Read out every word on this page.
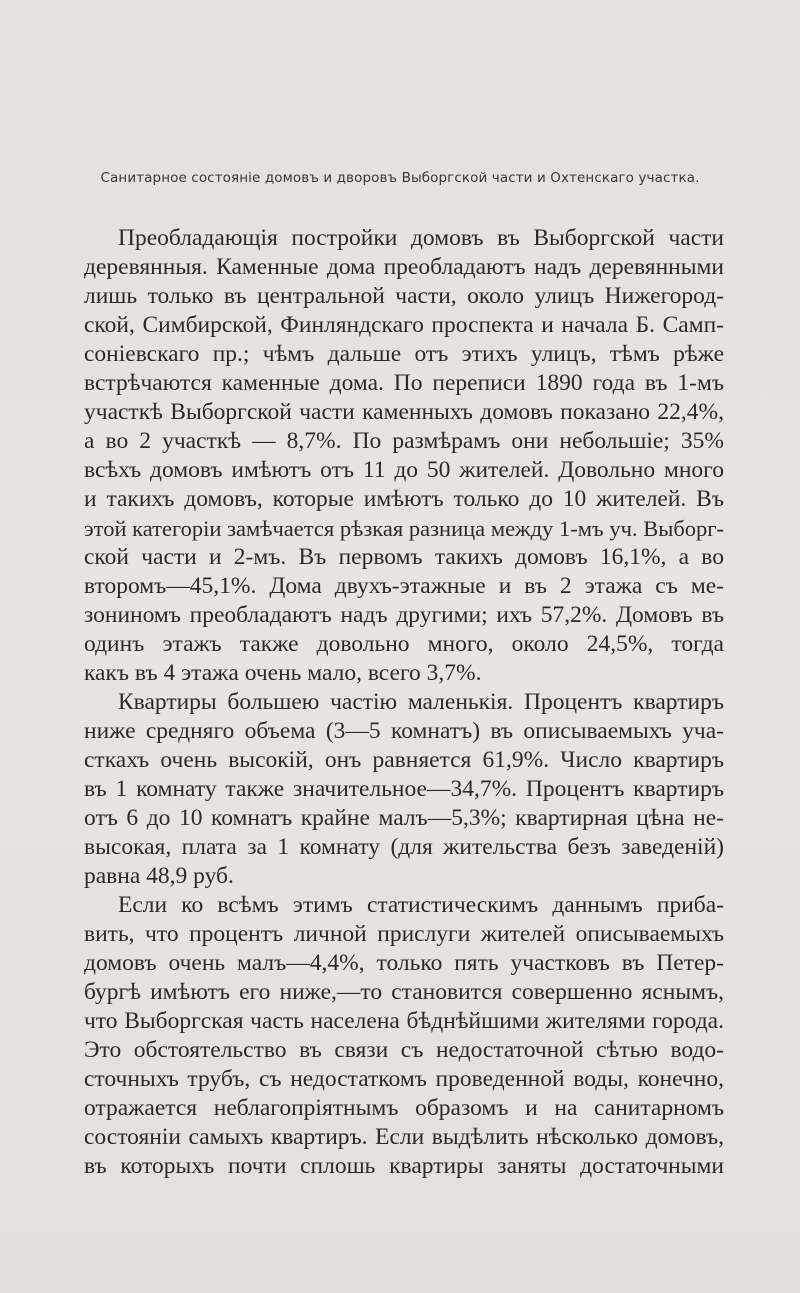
Санитарное состояніе домовъ и дворовъ Выборгской части и Охтенскаго участка.
Преобладающія постройки домовъ въ Выборгской части
деревянныя. Каменные дома преобладаютъ надъ деревянными
лишь только въ центральной части, около улицъ Нижегород-
ской, Симбирской, Финляндскаго проспекта и начала Б. Самп-
соніевскаго пр.; чѣмъ дальше отъ этихъ улицъ, тѣмъ рѣже
встрѣчаются каменные дома. По переписи 1890 года въ 1-мъ
участкѣ Выборгской части каменныхъ домовъ показано 22,4%,
а во 2 участкѣ — 8,7%. По размѣрамъ они небольшіе; 35%
всѣхъ домовъ имѣютъ отъ 11 до 50 жителей. Довольно много
и такихъ домовъ, которые имѣютъ только до 10 жителей. Въ
этой категоріи замѣчается рѣзкая разница между 1-мъ уч. Выборг-
ской части и 2-мъ. Въ первомъ такихъ домовъ 16,1%, а во
второмъ—45,1%. Дома двухъ-этажные и въ 2 этажа съ ме-
зониномъ преобладаютъ надъ другими; ихъ 57,2%. Домовъ въ
одинъ этажъ также довольно много, около 24,5%, тогда
какъ въ 4 этажа очень мало, всего 3,7%.
Квартиры большею частію маленькія. Процентъ квартиръ
ниже средняго объема (3—5 комнатъ) въ описываемыхъ уча-
сткахъ очень высокій, онъ равняется 61,9%. Число квартиръ
въ 1 комнату также значительное—34,7%. Процентъ квартиръ
отъ 6 до 10 комнатъ крайне малъ—5,3%; квартирная цѣна не-
высокая, плата за 1 комнату (для жительства безъ заведеній)
равна 48,9 руб.
Если ко всѣмъ этимъ статистическимъ даннымъ приба-
вить, что процентъ личной прислуги жителей описываемыхъ
домовъ очень малъ—4,4%, только пять участковъ въ Петер-
бургѣ имѣютъ его ниже,—то становится совершенно яснымъ,
что Выборгская часть населена бѣднѣйшими жителями города.
Это обстоятельство въ связи съ недостаточной сѣтью водо-
сточныхъ трубъ, съ недостаткомъ проведенной воды, конечно,
отражается неблагопріятнымъ образомъ и на санитарномъ
состояніи самыхъ квартиръ. Если выдѣлить нѣсколько домовъ,
въ которыхъ почти сплошь квартиры заняты достаточными
